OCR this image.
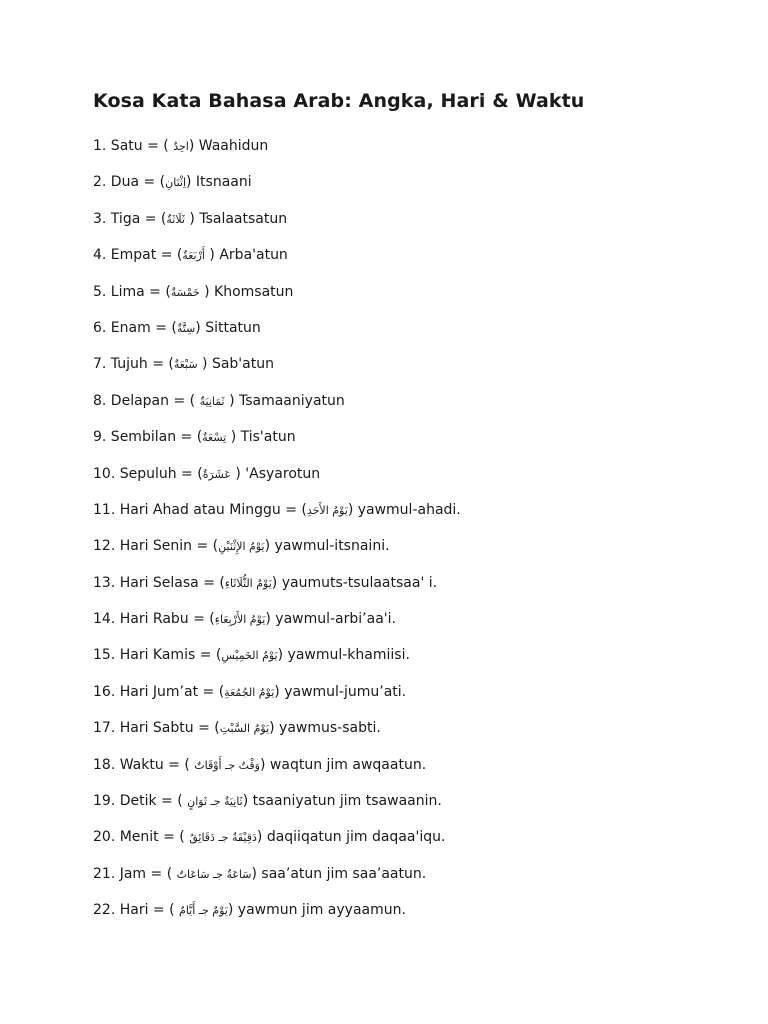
Kosa Kata Bahasa Arab: Angka, Hari & Waktu
1. Satu = ( احِدٌ) Waahidun
2. Dua = (اِثْنَانِ) Itsnaani
3. Tiga = (ثَلَاثَةٌ ) Tsalaatsatun
4. Empat = (أَرْبَعَةٌ ) Arba'atun
5. Lima = (خَمْسَةٌ ) Khomsatun
6. Enam = (سِتَّةٌ) Sittatun
7. Tujuh = (سَبْعَةٌ ) Sab'atun
8. Delapan = ( ثَمَانِيَةٌ ) Tsamaaniyatun
9. Sembilan = (تِسْعَةٌ ) Tis'atun
10. Sepuluh = (عَشَرَةٌ ) 'Asyarotun
11. Hari Ahad atau Minggu = (يَوْمُ الأَحَدِ) yawmul-ahadi.
12. Hari Senin = (يَوْمُ الإِثْنَيْنِ) yawmul-itsnaini.
13. Hari Selasa = (يَوْمُ الثُّلَاثَاءِ) yaumuts-tsulaatsaa' i.
14. Hari Rabu = (يَوْمُ الأَرْبِعَاءِ) yawmul-arbi’aa'i.
15. Hari Kamis = (يَوْمُ الخَمِيْسِ) yawmul-khamiisi.
16. Hari Jum’at = (يَوْمُ الجُمُعَةِ) yawmul-jumu’ati.
17. Hari Sabtu = (يَوْمُ السَّبْتِ) yawmus-sabti.
18. Waktu = ( وَقْتٌ جـ أَوْقَاتٌ) waqtun jim awqaatun.
19. Detik = ( ثَانِيَةٌ جـ ثَوَانٍ) tsaaniyatun jim tsawaanin.
20. Menit = ( دَقِيْقَةٌ جـ دَقَائِقُ) daqiiqatun jim daqaa'iqu.
21. Jam = ( سَاعَةٌ جـ سَاعَاتٌ) saa’atun jim saa’aatun.
22. Hari = ( يَوْمٌ جـ أَيَّامٌ) yawmun jim ayyaamun.
